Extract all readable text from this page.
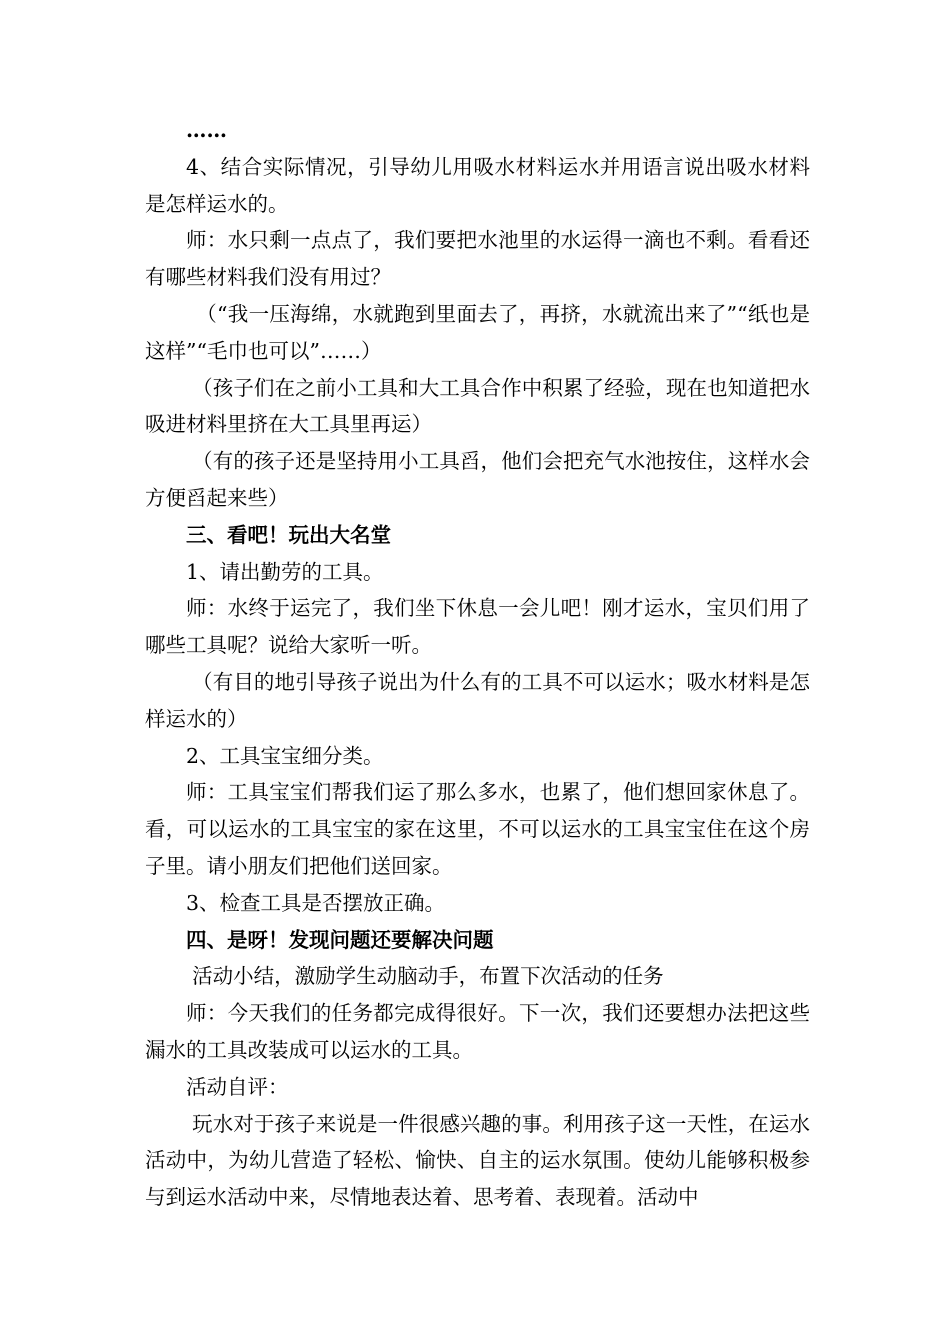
……

4、结合实际情况，引导幼儿用吸水材料运水并用语言说出吸水材料是怎样运水的。

师：水只剩一点点了，我们要把水池里的水运得一滴也不剩。看看还有哪些材料我们没有用过？

（“我一压海绵，水就跑到里面去了，再挤，水就流出来了”“纸也是这样”“毛巾也可以”……）

（孩子们在之前小工具和大工具合作中积累了经验，现在也知道把水吸进材料里挤在大工具里再运）

（有的孩子还是坚持用小工具舀，他们会把充气水池按住，这样水会方便舀起来些）

三、看吧！玩出大名堂

1、请出勤劳的工具。

师：水终于运完了，我们坐下休息一会儿吧！刚才运水，宝贝们用了哪些工具呢？说给大家听一听。

（有目的地引导孩子说出为什么有的工具不可以运水；吸水材料是怎样运水的）

2、工具宝宝细分类。

师：工具宝宝们帮我们运了那么多水，也累了，他们想回家休息了。看，可以运水的工具宝宝的家在这里，不可以运水的工具宝宝住在这个房子里。请小朋友们把他们送回家。

3、检查工具是否摆放正确。

四、是呀！发现问题还要解决问题

活动小结，激励学生动脑动手，布置下次活动的任务

师：今天我们的任务都完成得很好。下一次，我们还要想办法把这些漏水的工具改装成可以运水的工具。

活动自评：

玩水对于孩子来说是一件很感兴趣的事。利用孩子这一天性，在运水活动中，为幼儿营造了轻松、愉快、自主的运水氛围。使幼儿能够积极参与到运水活动中来，尽情地表达着、思考着、表现着。活动中
